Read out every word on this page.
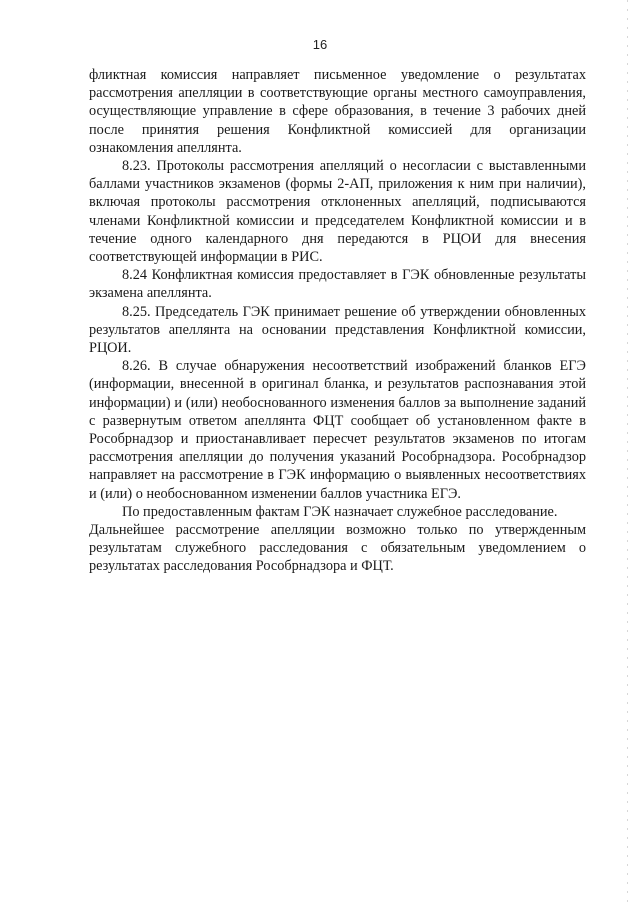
16

фликтная комиссия направляет письменное уведомление о результатах рассмотрения апелляции в соответствующие органы местного самоуправления, осуществляющие управление в сфере образования, в течение 3 рабочих дней после принятия решения Конфликтной комиссией для организации ознакомления апеллянта.

8.23. Протоколы рассмотрения апелляций о несогласии с выставленными баллами участников экзаменов (формы 2-АП, приложения к ним при наличии), включая протоколы рассмотрения отклоненных апелляций, подписываются членами Конфликтной комиссии и председателем Конфликтной комиссии и в течение одного календарного дня передаются в РЦОИ для внесения соответствующей информации в РИС.

8.24 Конфликтная комиссия предоставляет в ГЭК обновленные результаты экзамена апеллянта.

8.25. Председатель ГЭК принимает решение об утверждении обновленных результатов апеллянта на основании представления Конфликтной комиссии, РЦОИ.

8.26. В случае обнаружения несоответствий изображений бланков ЕГЭ (информации, внесенной в оригинал бланка, и результатов распознавания этой информации) и (или) необоснованного изменения баллов за выполнение заданий с развернутым ответом апеллянта ФЦТ сообщает об установленном факте в Рособрнадзор и приостанавливает пересчет результатов экзаменов по итогам рассмотрения апелляции до получения указаний Рособрнадзора. Рособрнадзор направляет на рассмотрение в ГЭК информацию о выявленных несоответствиях и (или) о необоснованном изменении баллов участника ЕГЭ.

По предоставленным фактам ГЭК назначает служебное расследование.

Дальнейшее рассмотрение апелляции возможно только по утвержденным результатам служебного расследования с обязательным уведомлением о результатах расследования Рособрнадзора и ФЦТ.
